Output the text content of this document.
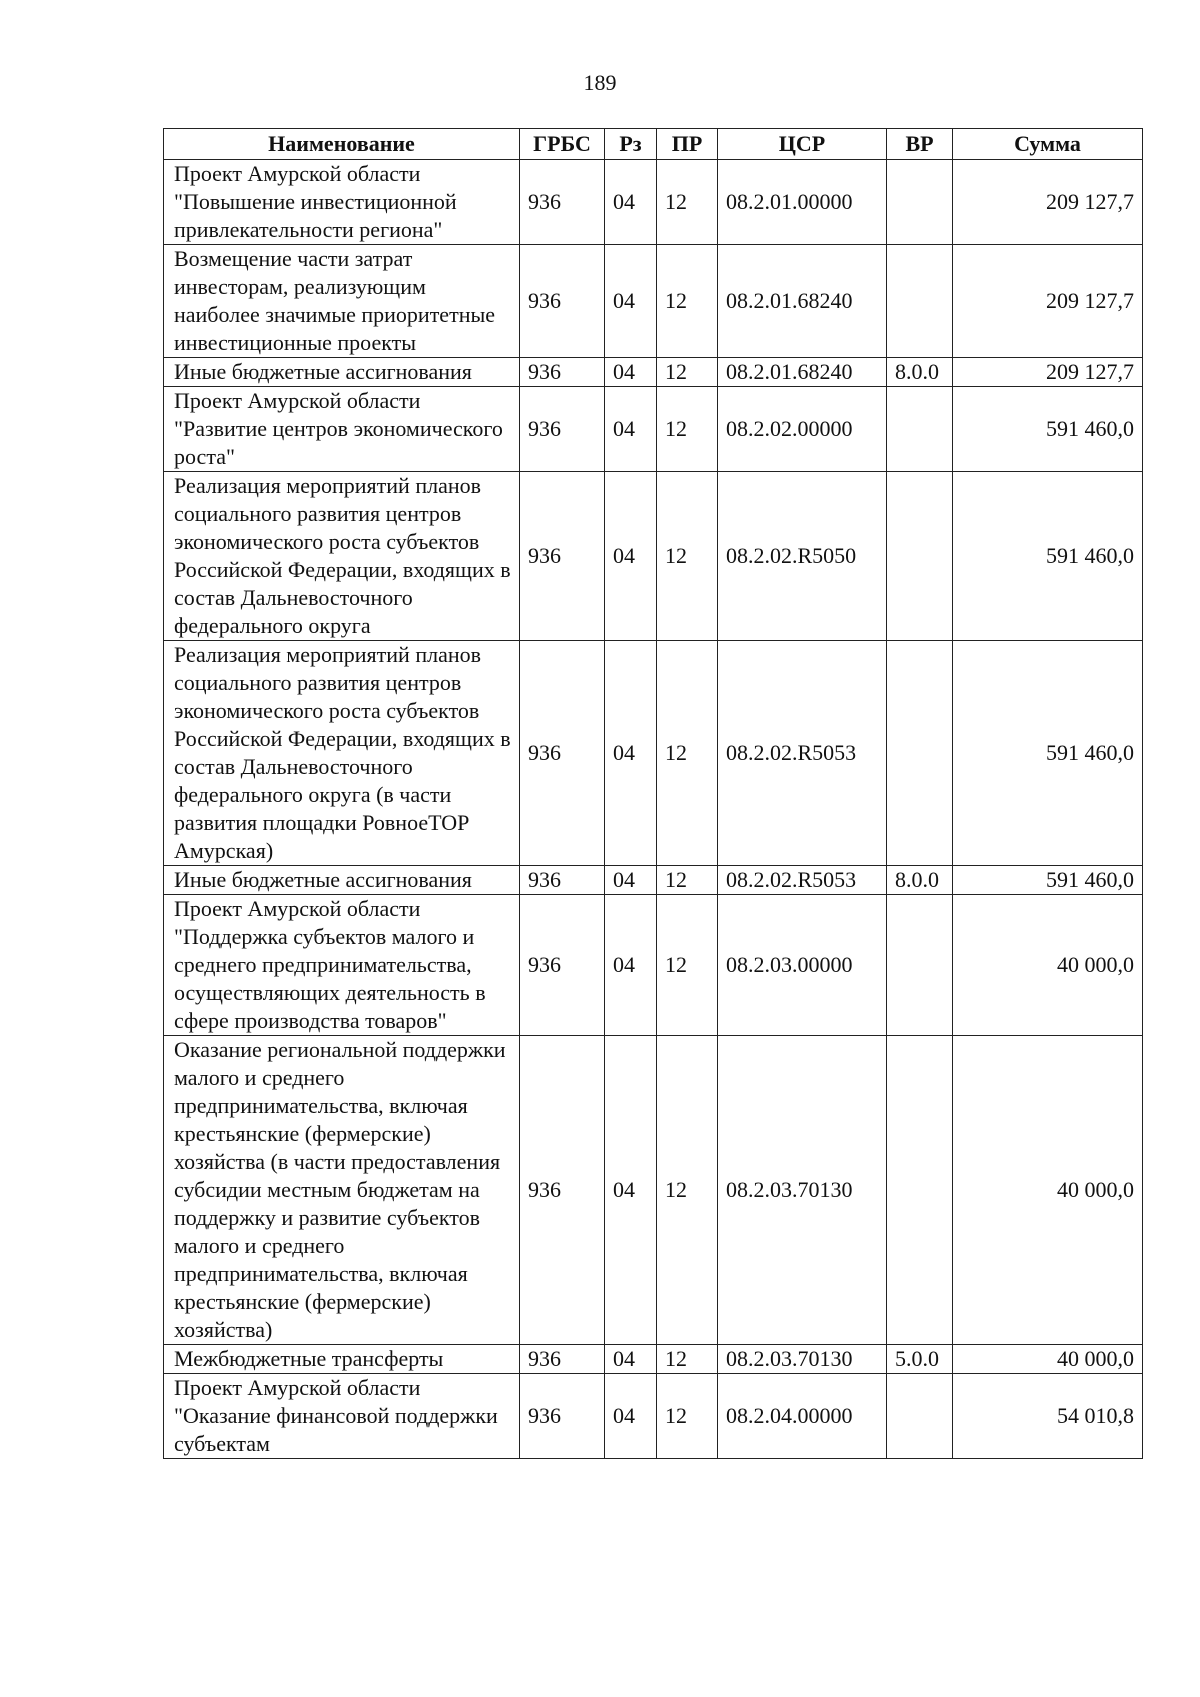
189
Наименование	ГРБС	Рз	ПР	ЦСР	ВР	Сумма
Проект Амурской области "Повышение инвестиционной привлекательности региона"	936	04	12	08.2.01.00000		209 127,7
Возмещение части затрат инвесторам, реализующим наиболее значимые приоритетные инвестиционные проекты	936	04	12	08.2.01.68240		209 127,7
Иные бюджетные ассигнования	936	04	12	08.2.01.68240	8.0.0	209 127,7
Проект Амурской области "Развитие центров экономического роста"	936	04	12	08.2.02.00000		591 460,0
Реализация мероприятий планов социального развития центров экономического роста субъектов Российской Федерации, входящих в состав Дальневосточного федерального округа	936	04	12	08.2.02.R5050		591 460,0
Реализация мероприятий планов социального развития центров экономического роста субъектов Российской Федерации, входящих в состав Дальневосточного федерального округа (в части развития площадки РовноеТОР Амурская)	936	04	12	08.2.02.R5053		591 460,0
Иные бюджетные ассигнования	936	04	12	08.2.02.R5053	8.0.0	591 460,0
Проект Амурской области "Поддержка субъектов малого и среднего предпринимательства, осуществляющих деятельность в сфере производства товаров"	936	04	12	08.2.03.00000		40 000,0
Оказание региональной поддержки малого и среднего предпринимательства, включая крестьянские (фермерские) хозяйства (в части предоставления субсидии местным бюджетам на поддержку и развитие субъектов малого и среднего предпринимательства, включая крестьянские (фермерские) хозяйства)	936	04	12	08.2.03.70130		40 000,0
Межбюджетные трансферты	936	04	12	08.2.03.70130	5.0.0	40 000,0
Проект Амурской области "Оказание финансовой поддержки субъектам	936	04	12	08.2.04.00000		54 010,8
